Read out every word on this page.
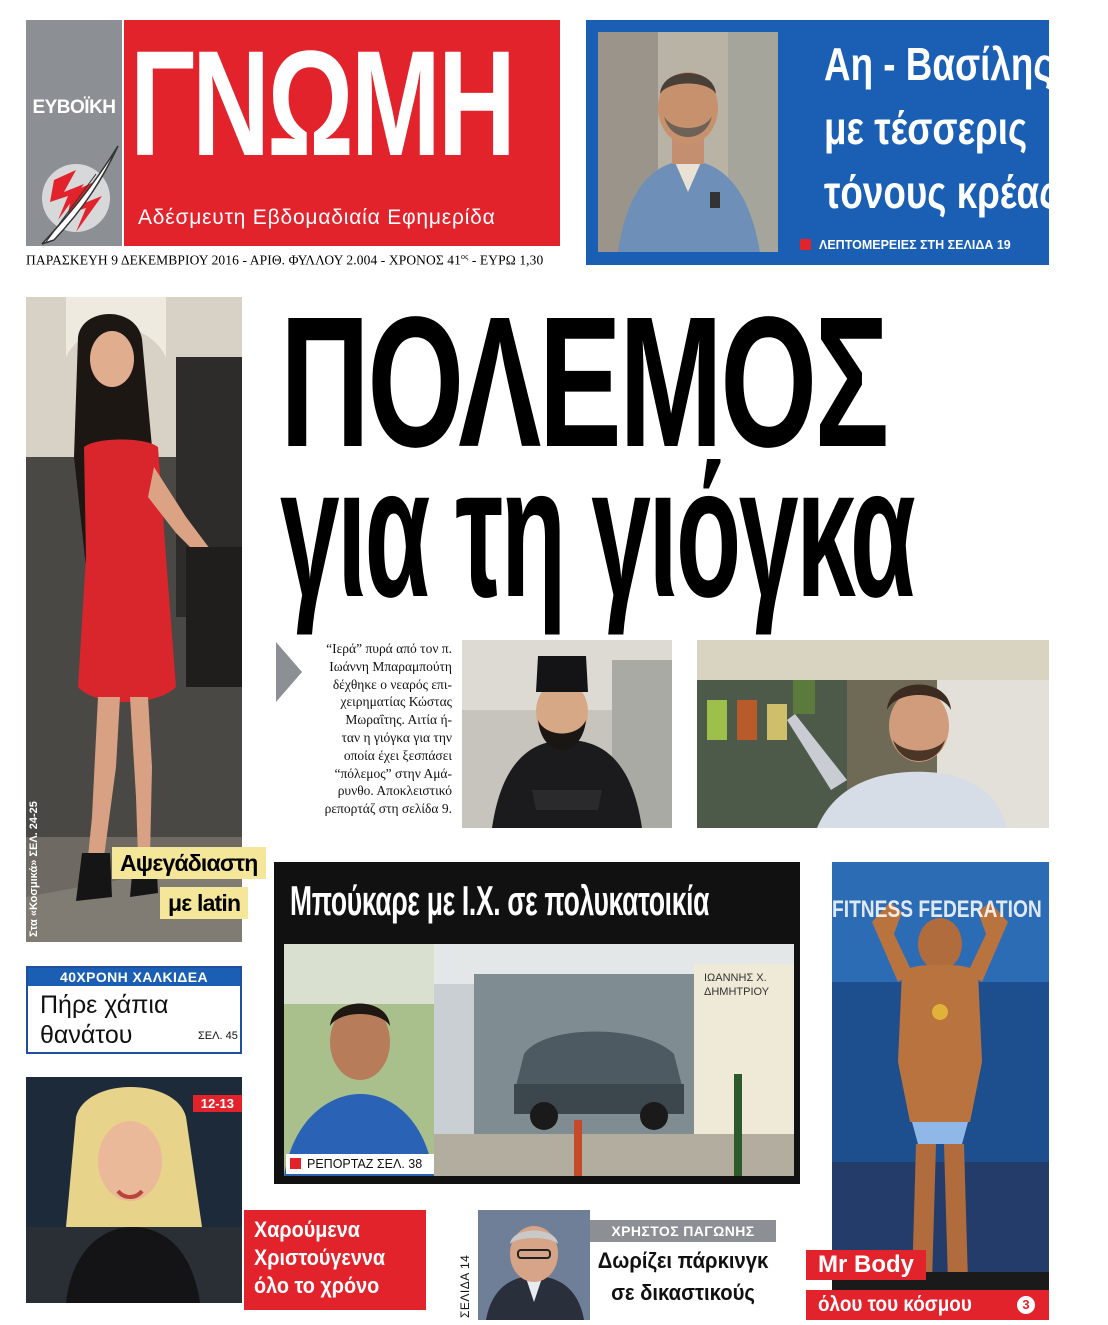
ΕΥΒΟΪΚΗ ΓΝΩΜΗ
Αδέσμευτη Εβδομαδιαία Εφημερίδα
ΠΑΡΑΣΚΕΥΗ 9 ΔΕΚΕΜΒΡΙΟΥ 2016 - ΑΡΙΘ. ΦΥΛΛΟΥ 2.004 - ΧΡΟΝΟΣ $41^{o\varsigma}$ - ΕΥΡΩ 1,30
Αη - Βασίλης
με τέσσερις
τόνους κρέας
ΛΕΠΤΟΜΕΡΕΙΕΣ ΣΤΗ ΣΕΛΙΔΑ 19
Στα «Κοσμικά» ΣΕΛ. 24-25	Αψεγάδιαστη
με latin
ΠΟΛΕΜΟΣ
για τη γιόγκα
“Ιερά” πυρά από τον π.
Ιωάννη Μπαραμπούτη
δέχθηκε ο νεαρός επι-
χειρηματίας Κώστας
Μωραΐτης. Αιτία ή-
ταν η γιόγκα για την
οποία έχει ξεσπάσει
“πόλεμος” στην Αμά-
ρυνθο. Αποκλειστικό
ρεπορτάζ στη σελίδα 9.
40ΧΡΟΝΗ ΧΑΛΚΙΔΕΑ
Πήρε χάπια
θανάτου	ΣΕΛ. 45
12-13
Χαρούμενα
Χριστούγεννα
όλο το χρόνο
Μπούκαρε με Ι.Χ. σε πολυκατοικία
ΡΕΠΟΡΤΑΖ ΣΕΛ. 38
ΙΩΑΝΝΗΣ Χ.
ΔΗΜΗΤΡΙΟΥ
ΣΕΛΙΔΑ 14
ΧΡΗΣΤΟΣ ΠΑΓΩΝΗΣ
Δωρίζει πάρκινγκ
σε δικαστικούς
FITNESS FEDERATION
Mr Body
όλου του κόσμου	3
